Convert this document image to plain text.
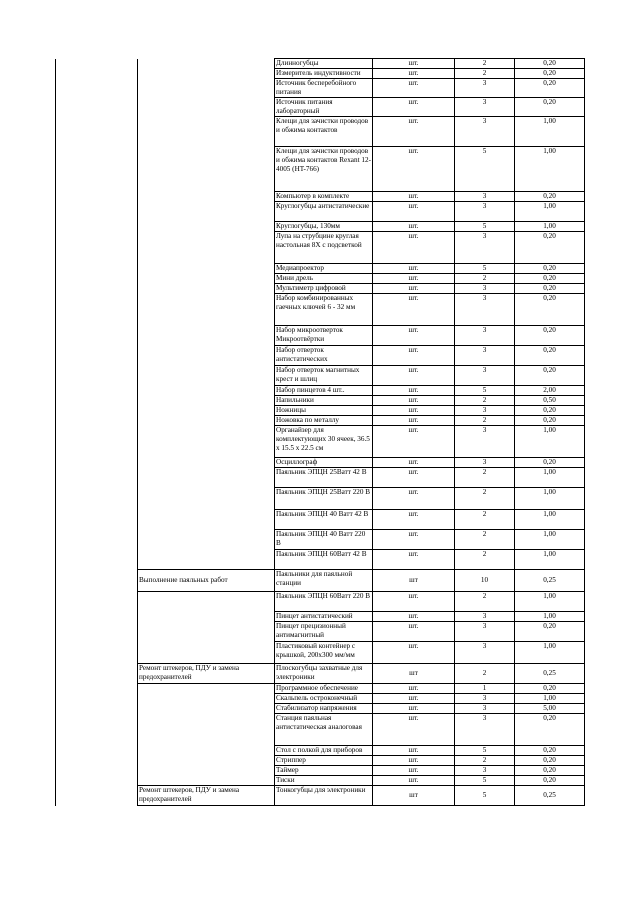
		Длинногубцы	шт.	2	0,20
		Измеритель индуктивности	шт.	2	0,20
		Источник бесперебойного питания	шт.	3	0,20
		Источник питания лабораторный	шт.	3	0,20
		Клещи для зачистки проводов и обжима контактов	шт.	3	1,00
		Клещи для зачистки проводов и обжима контактов Rexant 12-4005 (HT-766)	шт.	5	1,00
		Компьютер в комплекте	шт.	3	0,20
		Круглогубцы антистатические	шт.	3	1,00
		Круглогубцы, 130мм	шт.	5	1,00
		Лупа на струбцине круглая настольная 8X с подсветкой	шт.	3	0,20
		Медиапроектор	шт.	5	0,20
		Мини дрель	шт.	2	0,20
		Мультиметр цифровой	шт.	3	0,20
		Набор комбинированных гаечных ключей 6 - 32 мм	шт.	3	0,20
		Набор микроотверток Микроотвёртки	шт.	3	0,20
		Набор отверток антистатических	шт.	3	0,20
		Набор отверток магнитных крест и шлиц	шт.	3	0,20
		Набор пинцетов 4 шт..	шт.	5	2,00
		Напильники	шт.	2	0,50
		Ножницы	шт.	3	0,20
		Ножовка по металлу	шт.	2	0,20
		Органайзер для комплектующих 30 ячеек, 36.5 x 15.5 x 22.5 см	шт.	3	1,00
		Осциллограф	шт.	3	0,20
		Паяльник ЭПЦН 25Ватт 42 В	шт.	2	1,00
		Паяльник ЭПЦН 25Ватт 220 В	шт.	2	1,00
		Паяльник ЭПЦН 40 Ватт 42 В	шт.	2	1,00
		Паяльник ЭПЦН 40 Ватт 220 В	шт.	2	1,00
		Паяльник ЭПЦН 60Ватт 42 В	шт.	2	1,00
	Выполнение паяльных работ	Паяльники для паяльной станции	шт	10	0,25
		Паяльник ЭПЦН 60Ватт 220 В	шт.	2	1,00
		Пинцет антистатический	шт.	3	1,00
		Пинцет прецизионный антимагнитный	шт.	3	0,20
		Пластиковый контейнер с крышкой, 200x300 мм/мм	шт.	3	1,00
	Ремонт штекеров, ПДУ и замена предохранителей	Плоскогубцы захватные для электроники	шт	2	0,25
		Программное обеспечение	шт.	1	0,20
		Скальпель остроконечный	шт.	3	1,00
		Стабилизатор напряжения	шт.	3	5,00
		Станция паяльная антистатическая аналоговая	шт.	3	0,20
		Стол с полкой для приборов	шт.	5	0,20
		Стриппер	шт.	2	0,20
		Таймер	шт.	3	0,20
		Тиски	шт.	5	0,20
	Ремонт штекеров, ПДУ и замена предохранителей	Тонкогубцы для электроники	шт	5	0,25
